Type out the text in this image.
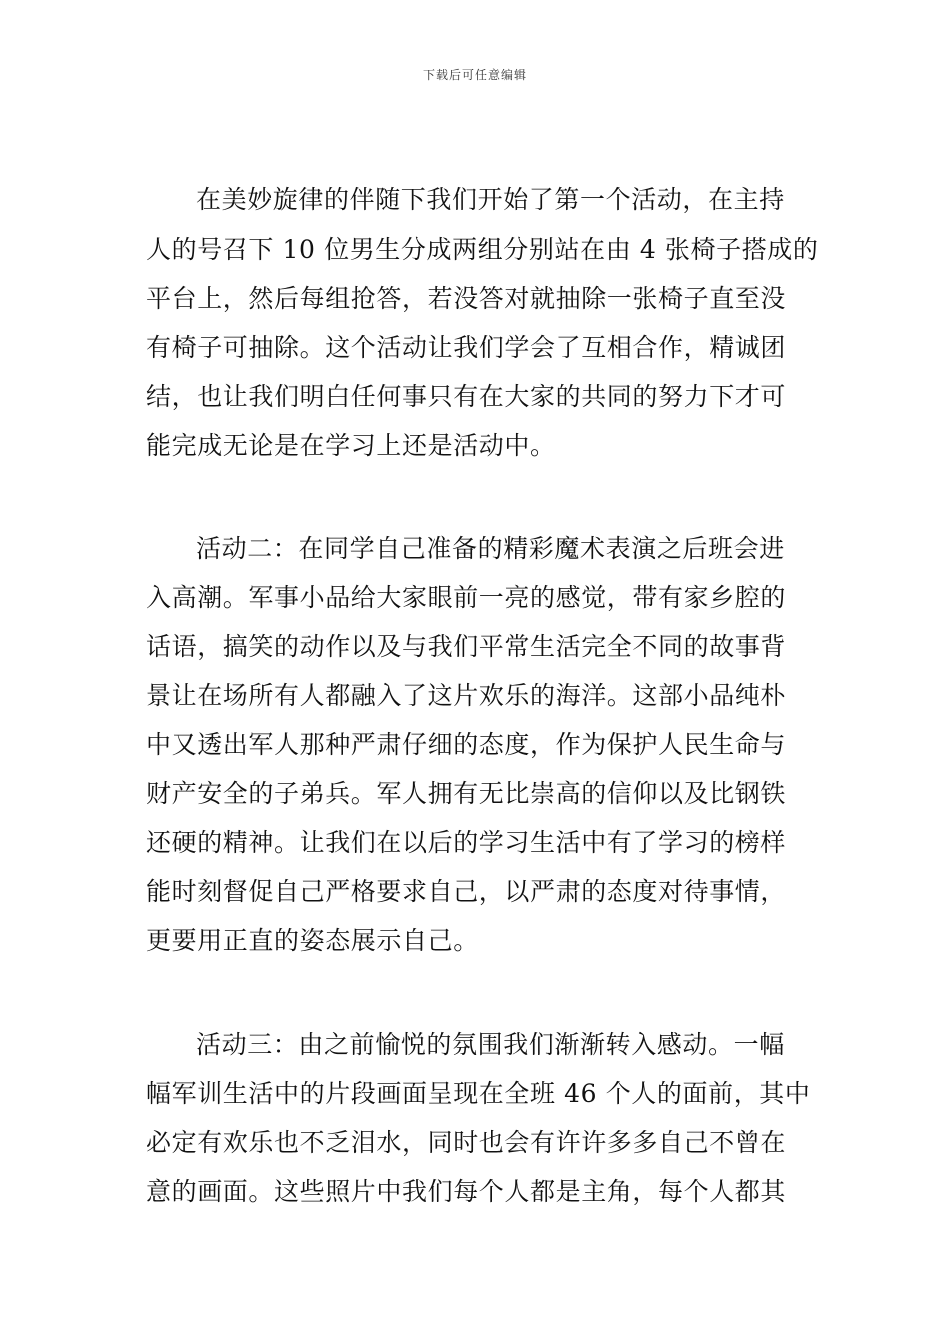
下载后可任意编辑
在美妙旋律的伴随下我们开始了第一个活动，在主持
人的号召下 10 位男生分成两组分别站在由 4 张椅子搭成的
平台上，然后每组抢答，若没答对就抽除一张椅子直至没
有椅子可抽除。这个活动让我们学会了互相合作，精诚团
结，也让我们明白任何事只有在大家的共同的努力下才可
能完成无论是在学习上还是活动中。
活动二：在同学自己准备的精彩魔术表演之后班会进
入高潮。军事小品给大家眼前一亮的感觉，带有家乡腔的
话语，搞笑的动作以及与我们平常生活完全不同的故事背
景让在场所有人都融入了这片欢乐的海洋。这部小品纯朴
中又透出军人那种严肃仔细的态度，作为保护人民生命与
财产安全的子弟兵。军人拥有无比崇高的信仰以及比钢铁
还硬的精神。让我们在以后的学习生活中有了学习的榜样
能时刻督促自己严格要求自己，以严肃的态度对待事情，
更要用正直的姿态展示自己。
活动三：由之前愉悦的氛围我们渐渐转入感动。一幅
幅军训生活中的片段画面呈现在全班 46 个人的面前，其中
必定有欢乐也不乏泪水，同时也会有许许多多自己不曾在
意的画面。这些照片中我们每个人都是主角，每个人都其
